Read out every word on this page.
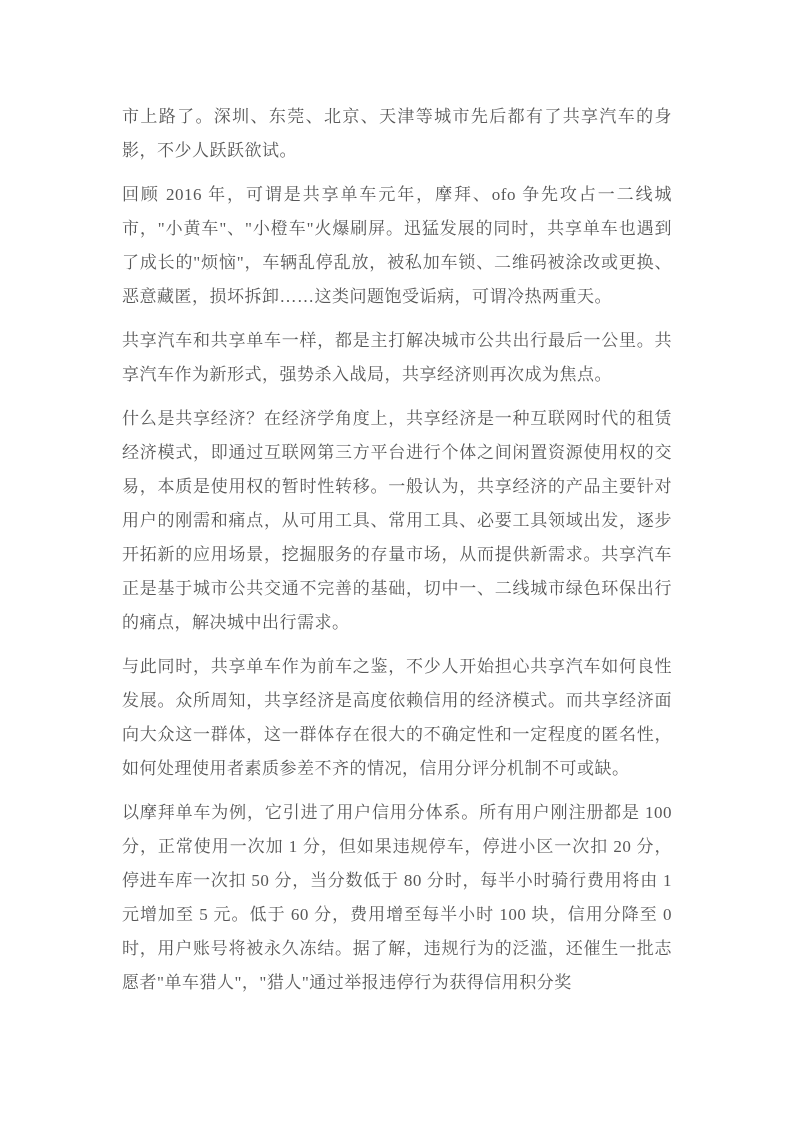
市上路了。深圳、东莞、北京、天津等城市先后都有了共享汽车的身影，不少人跃跃欲试。

回顾 2016 年，可谓是共享单车元年，摩拜、ofo 争先攻占一二线城市，"小黄车"、"小橙车"火爆刷屏。迅猛发展的同时，共享单车也遇到了成长的"烦恼"，车辆乱停乱放，被私加车锁、二维码被涂改或更换、恶意藏匿，损坏拆卸……这类问题饱受诟病，可谓冷热两重天。

共享汽车和共享单车一样，都是主打解决城市公共出行最后一公里。共享汽车作为新形式，强势杀入战局，共享经济则再次成为焦点。

什么是共享经济？在经济学角度上，共享经济是一种互联网时代的租赁经济模式，即通过互联网第三方平台进行个体之间闲置资源使用权的交易，本质是使用权的暂时性转移。一般认为，共享经济的产品主要针对用户的刚需和痛点，从可用工具、常用工具、必要工具领域出发，逐步开拓新的应用场景，挖掘服务的存量市场，从而提供新需求。共享汽车正是基于城市公共交通不完善的基础，切中一、二线城市绿色环保出行的痛点，解决城中出行需求。

与此同时，共享单车作为前车之鉴，不少人开始担心共享汽车如何良性发展。众所周知，共享经济是高度依赖信用的经济模式。而共享经济面向大众这一群体，这一群体存在很大的不确定性和一定程度的匿名性，如何处理使用者素质参差不齐的情况，信用分评分机制不可或缺。

以摩拜单车为例，它引进了用户信用分体系。所有用户刚注册都是 100 分，正常使用一次加 1 分，但如果违规停车，停进小区一次扣 20 分，停进车库一次扣 50 分，当分数低于 80 分时，每半小时骑行费用将由 1 元增加至 5 元。低于 60 分，费用增至每半小时 100 块，信用分降至 0 时，用户账号将被永久冻结。据了解，违规行为的泛滥，还催生一批志愿者"单车猎人"，"猎人"通过举报违停行为获得信用积分奖
